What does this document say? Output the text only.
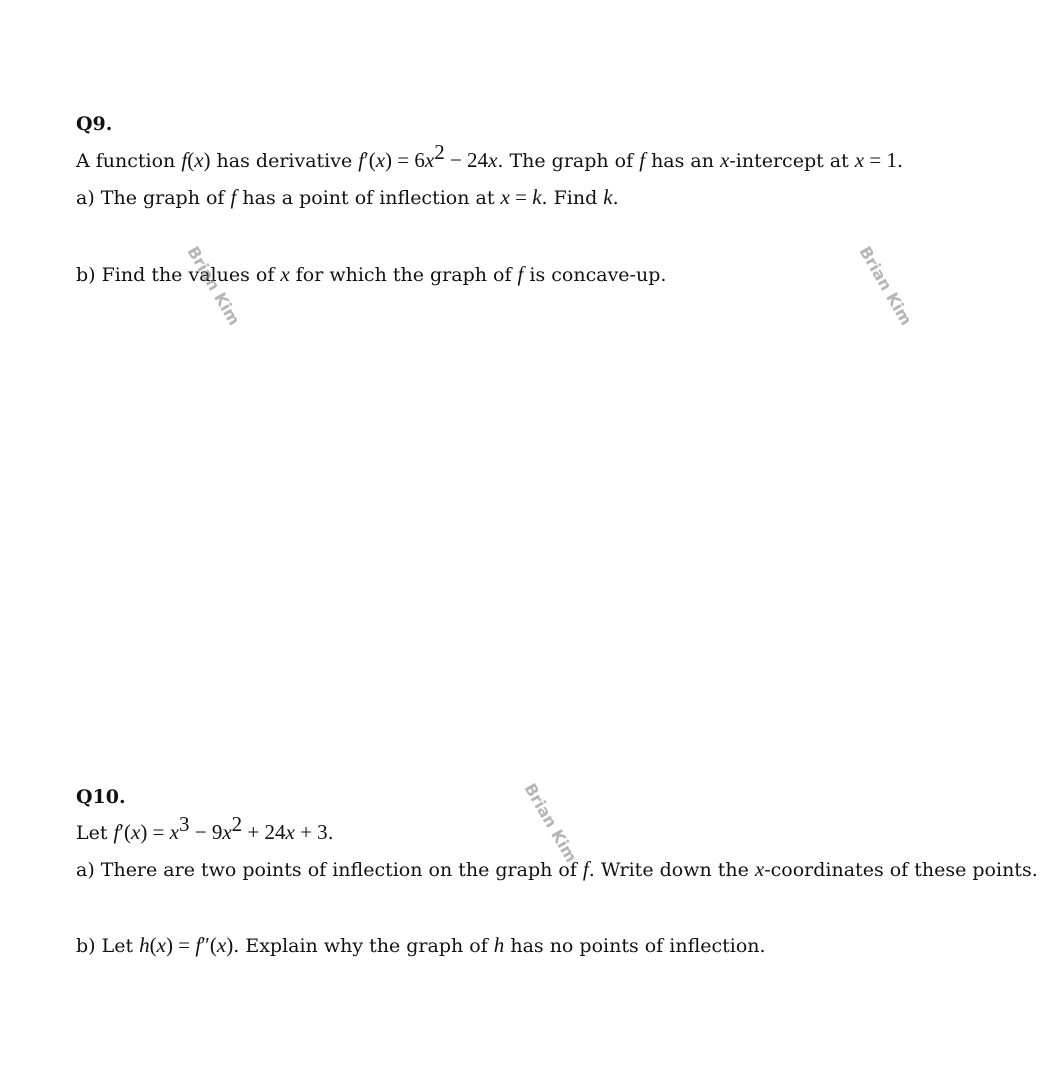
Q9.
A function f(x) has derivative $f'(x) = 6x^2 - 24x$. The graph of f has an x-intercept at x = 1.
a) The graph of f has a point of inflection at x = k. Find k.
b) Find the values of x for which the graph of f is concave-up.
Q10.
Let $f'(x) = x^3 - 9x^2 + 24x + 3$.
a) There are two points of inflection on the graph of f. Write down the x-coordinates of these points.
b) Let h(x) = f″(x). Explain why the graph of h has no points of inflection.
Brian Kim	Brian Kim
Brian Kim
